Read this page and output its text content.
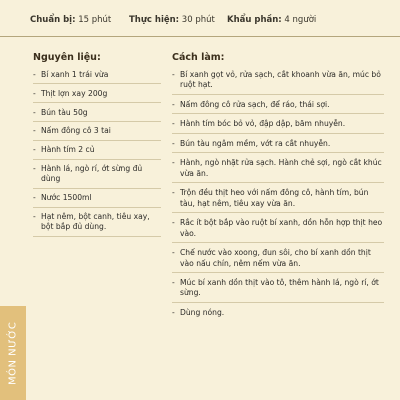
Chuẩn bị: 15 phút Thực hiện: 30 phút Khẩu phần: 4 người
Nguyên liệu:
- Bí xanh 1 trái vừa
- Thịt lợn xay 200g
- Bún tàu 50g
- Nấm đông cô 3 tai
- Hành tím 2 củ
- Hành lá, ngò rí, ớt sừng đủ dùng
- Nước 1500ml
- Hạt nêm, bột canh, tiêu xay, bột bắp đủ dùng.
Cách làm:
- Bí xanh gọt vỏ, rửa sạch, cắt khoanh vừa ăn, múc bỏ ruột hạt.
- Nấm đông cô rửa sạch, để ráo, thái sợi.
- Hành tím bóc bỏ vỏ, đập dập, băm nhuyễn.
- Bún tàu ngâm mềm, vớt ra cắt nhuyễn.
- Hành, ngò nhặt rửa sạch. Hành chẻ sợi, ngò cắt khúc vừa ăn.
- Trộn đều thịt heo với nấm đông cô, hành tím, bún tàu, hạt nêm, tiêu xay vừa ăn.
- Rắc ít bột bắp vào ruột bí xanh, dồn hỗn hợp thịt heo vào.
- Chế nước vào xoong, đun sôi, cho bí xanh dồn thịt vào nấu chín, nêm nếm vừa ăn.
- Múc bí xanh dồn thịt vào tô, thêm hành lá, ngò rí, ớt sừng.
- Dùng nóng.
MÓN NƯỚC
